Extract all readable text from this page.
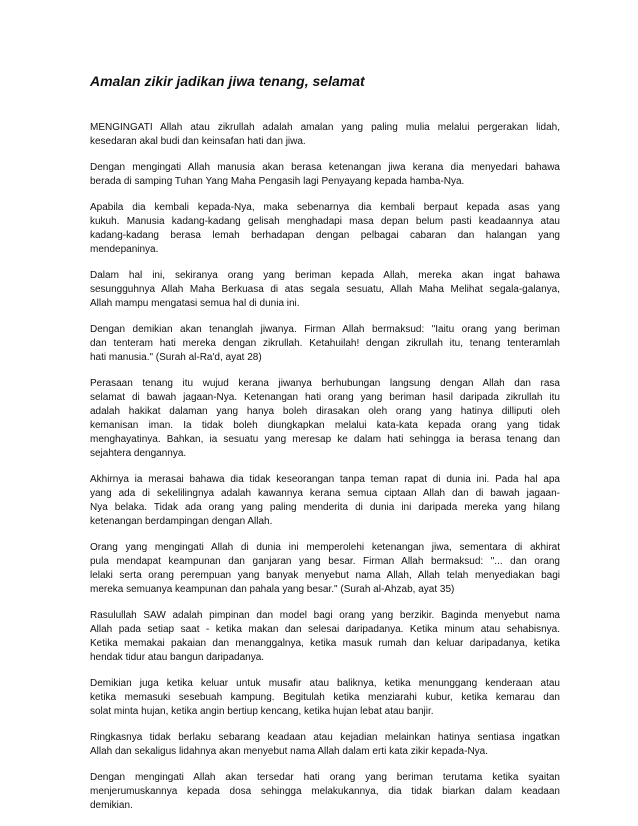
Amalan zikir jadikan jiwa tenang, selamat

MENGINGATI Allah atau zikrullah adalah amalan yang paling mulia melalui pergerakan lidah,
kesedaran akal budi dan keinsafan hati dan jiwa.

Dengan mengingati Allah manusia akan berasa ketenangan jiwa kerana dia menyedari bahawa
berada di samping Tuhan Yang Maha Pengasih lagi Penyayang kepada hamba-Nya.

Apabila dia kembali kepada-Nya, maka sebenarnya dia kembali berpaut kepada asas yang
kukuh. Manusia kadang-kadang gelisah menghadapi masa depan belum pasti keadaannya atau
kadang-kadang berasa lemah berhadapan dengan pelbagai cabaran dan halangan yang
mendepaninya.

Dalam hal ini, sekiranya orang yang beriman kepada Allah, mereka akan ingat bahawa
sesungguhnya Allah Maha Berkuasa di atas segala sesuatu, Allah Maha Melihat segala-galanya,
Allah mampu mengatasi semua hal di dunia ini.

Dengan demikian akan tenanglah jiwanya. Firman Allah bermaksud: "Iaitu orang yang beriman
dan tenteram hati mereka dengan zikrullah. Ketahuilah! dengan zikrullah itu, tenang tenteramlah
hati manusia." (Surah al-Ra'd, ayat 28)

Perasaan tenang itu wujud kerana jiwanya berhubungan langsung dengan Allah dan rasa
selamat di bawah jagaan-Nya. Ketenangan hati orang yang beriman hasil daripada zikrullah itu
adalah hakikat dalaman yang hanya boleh dirasakan oleh orang yang hatinya dilliputi oleh
kemanisan iman. Ia tidak boleh diungkapkan melalui kata-kata kepada orang yang tidak
menghayatinya. Bahkan, ia sesuatu yang meresap ke dalam hati sehingga ia berasa tenang dan
sejahtera dengannya.

Akhirnya ia merasai bahawa dia tidak keseorangan tanpa teman rapat di dunia ini. Pada hal apa
yang ada di sekelilingnya adalah kawannya kerana semua ciptaan Allah dan di bawah jagaan-
Nya belaka. Tidak ada orang yang paling menderita di dunia ini daripada mereka yang hilang
ketenangan berdampingan dengan Allah.

Orang yang mengingati Allah di dunia ini memperolehi ketenangan jiwa, sementara di akhirat
pula mendapat keampunan dan ganjaran yang besar. Firman Allah bermaksud: "... dan orang
lelaki serta orang perempuan yang banyak menyebut nama Allah, Allah telah menyediakan bagi
mereka semuanya keampunan dan pahala yang besar." (Surah al-Ahzab, ayat 35)

Rasulullah SAW adalah pimpinan dan model bagi orang yang berzikir. Baginda menyebut nama
Allah pada setiap saat - ketika makan dan selesai daripadanya. Ketika minum atau sehabisnya.
Ketika memakai pakaian dan menanggalnya, ketika masuk rumah dan keluar daripadanya, ketika
hendak tidur atau bangun daripadanya.

Demikian juga ketika keluar untuk musafir atau baliknya, ketika menunggang kenderaan atau
ketika memasuki sesebuah kampung. Begitulah ketika menziarahi kubur, ketika kemarau dan
solat minta hujan, ketika angin bertiup kencang, ketika hujan lebat atau banjir.

Ringkasnya tidak berlaku sebarang keadaan atau kejadian melainkan hatinya sentiasa ingatkan
Allah dan sekaligus lidahnya akan menyebut nama Allah dalam erti kata zikir kepada-Nya.

Dengan mengingati Allah akan tersedar hati orang yang beriman terutama ketika syaitan
menjerumuskannya kepada dosa sehingga melakukannya, dia tidak biarkan dalam keadaan
demikian.
